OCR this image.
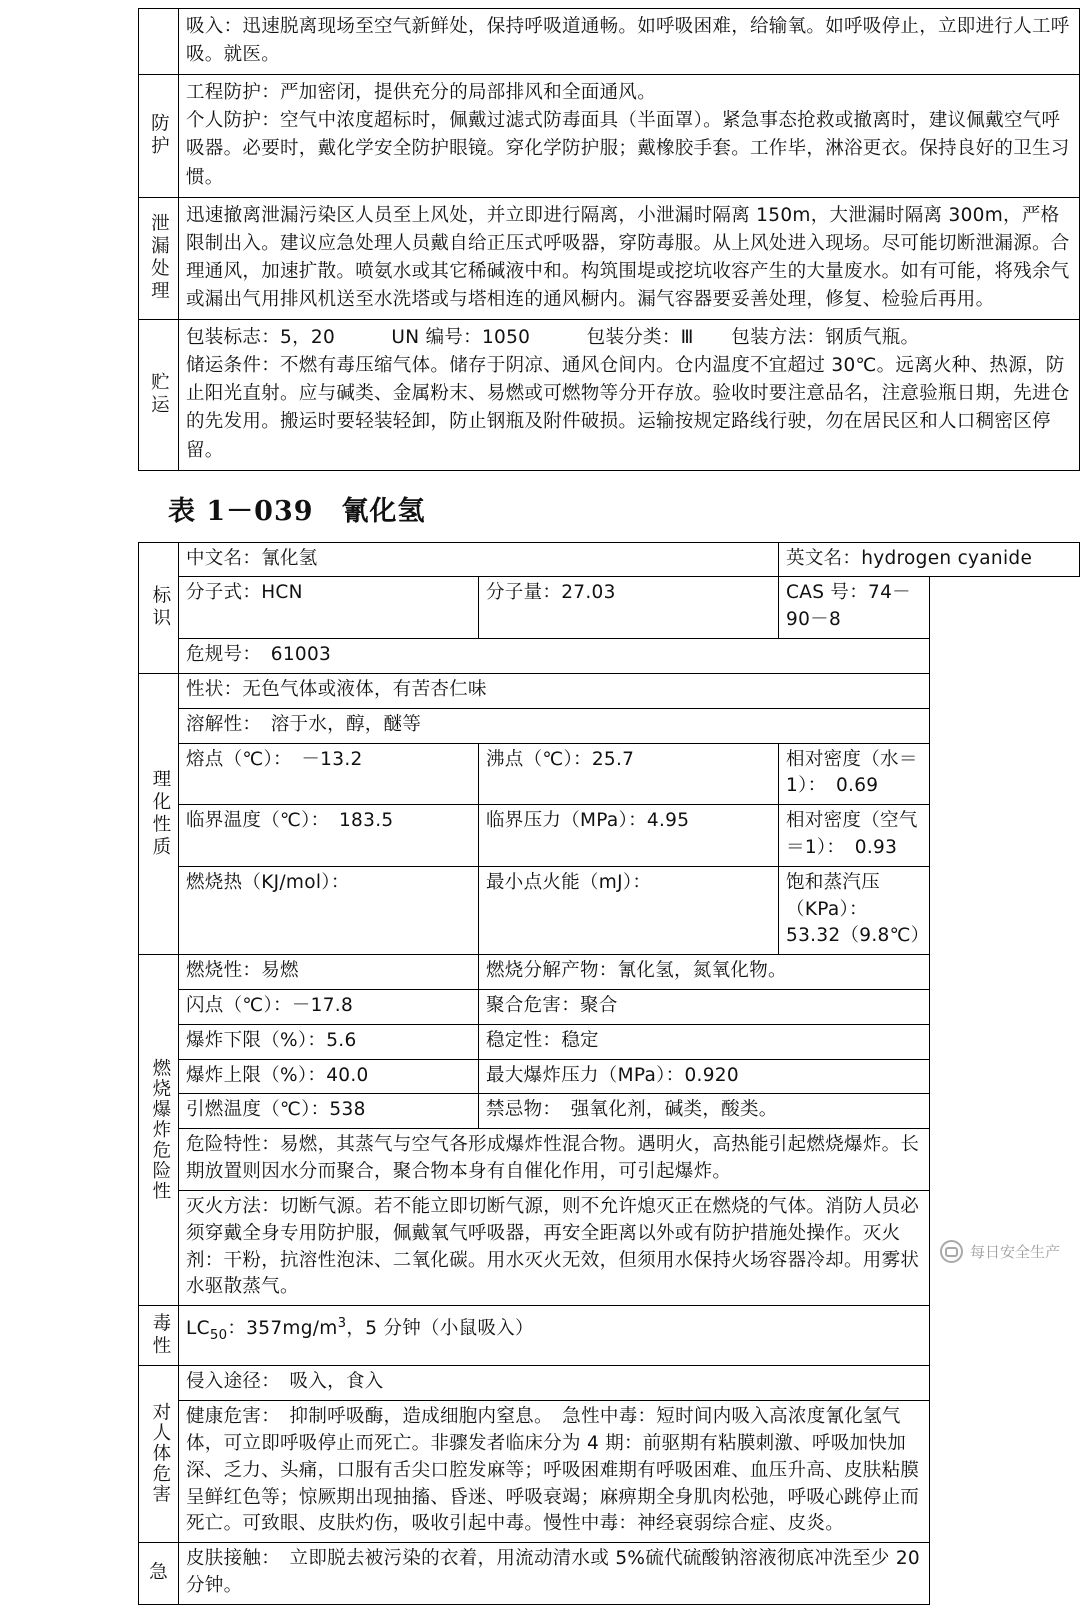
	吸入：迅速脱离现场至空气新鲜处，保持呼吸道通畅。如呼吸困难，给输氧。如呼吸停止，立即进行人工呼吸。就医。

防护	工程防护：严加密闭，提供充分的局部排风和全面通风。
个人防护：空气中浓度超标时，佩戴过滤式防毒面具（半面罩）。紧急事态抢救或撤离时，建议佩戴空气呼吸器。必要时，戴化学安全防护眼镜。穿化学防护服；戴橡胶手套。工作毕，淋浴更衣。保持良好的卫生习惯。

泄漏处理	迅速撤离泄漏污染区人员至上风处，并立即进行隔离，小泄漏时隔离 150m，大泄漏时隔离 300m，严格限制出入。建议应急处理人员戴自给正压式呼吸器，穿防毒服。从上风处进入现场。尽可能切断泄漏源。合理通风，加速扩散。喷氨水或其它稀碱液中和。构筑围堤或挖坑收容产生的大量废水。如有可能，将残余气或漏出气用排风机送至水洗塔或与塔相连的通风橱内。漏气容器要妥善处理，修复、检验后再用。

贮运	包装标志：5，20　　　UN 编号：1050　　　包装分类：Ⅲ　　包装方法：钢质气瓶。
储运条件：不燃有毒压缩气体。储存于阴凉、通风仓间内。仓内温度不宜超过 30℃。远离火种、热源，防止阳光直射。应与碱类、金属粉末、易燃或可燃物等分开存放。验收时要注意品名，注意验瓶日期，先进仓的先发用。搬运时要轻装轻卸，防止钢瓶及附件破损。运输按规定路线行驶，勿在居民区和人口稠密区停留。
表 1－039　氰化氢
标识	中文名：氰化氢		英文名：hydrogen cyanide
	分子式：HCN	分子量：27.03	CAS 号：74－90－8
	危规号：　61003		

理化性质	性状：无色气体或液体，有苦杏仁味		
	溶解性：　溶于水，醇，醚等		
	熔点（℃）：　－13.2	沸点（℃）：25.7	相对密度（水＝1）：　0.69
	临界温度（℃）：　183.5	临界压力（MPa）：4.95	相对密度（空气＝1）：　0.93
	燃烧热（KJ/mol）：	最小点火能（mJ）：	饱和蒸汽压（KPa）：　53.32（9.8℃）

燃烧爆炸危险性	燃烧性：易燃	燃烧分解产物：氰化氢，氮氧化物。	
	闪点（℃）：－17.8	聚合危害：聚合	
	爆炸下限（%）：5.6	稳定性：稳定	
	爆炸上限（%）：40.0	最大爆炸压力（MPa）：0.920	
	引燃温度（℃）：538	禁忌物：　强氧化剂，碱类，酸类。	
	危险特性：易燃，其蒸气与空气各形成爆炸性混合物。遇明火，高热能引起燃烧爆炸。长期放置则因水分而聚合，聚合物本身有自催化作用，可引起爆炸。		
	灭火方法：切断气源。若不能立即切断气源，则不允许熄灭正在燃烧的气体。消防人员必须穿戴全身专用防护服，佩戴氧气呼吸器，再安全距离以外或有防护措施处操作。灭火剂：干粉，抗溶性泡沫、二氧化碳。用水灭火无效，但须用水保持火场容器冷却。用雾状水驱散蒸气。		

毒性	$LC_{50}$：$357mg/m^3$，5 分钟（小鼠吸入）		

对人体危害	侵入途径：　吸入，食入		
	健康危害：　抑制呼吸酶，造成细胞内窒息。　急性中毒：短时间内吸入高浓度氰化氢气体，可立即呼吸停止而死亡。非骤发者临床分为 4 期：前驱期有粘膜刺激、呼吸加快加深、乏力、头痛，口服有舌尖口腔发麻等；呼吸困难期有呼吸困难、血压升高、皮肤粘膜呈鲜红色等；惊厥期出现抽搐、昏迷、呼吸衰竭；麻痹期全身肌肉松弛，呼吸心跳停止而死亡。可致眼、皮肤灼伤，吸收引起中毒。慢性中毒：神经衰弱综合症、皮炎。		

急	皮肤接触：　立即脱去被污染的衣着，用流动清水或 5%硫代硫酸钠溶液彻底冲洗至少 20 分钟。		
每日安全生产
